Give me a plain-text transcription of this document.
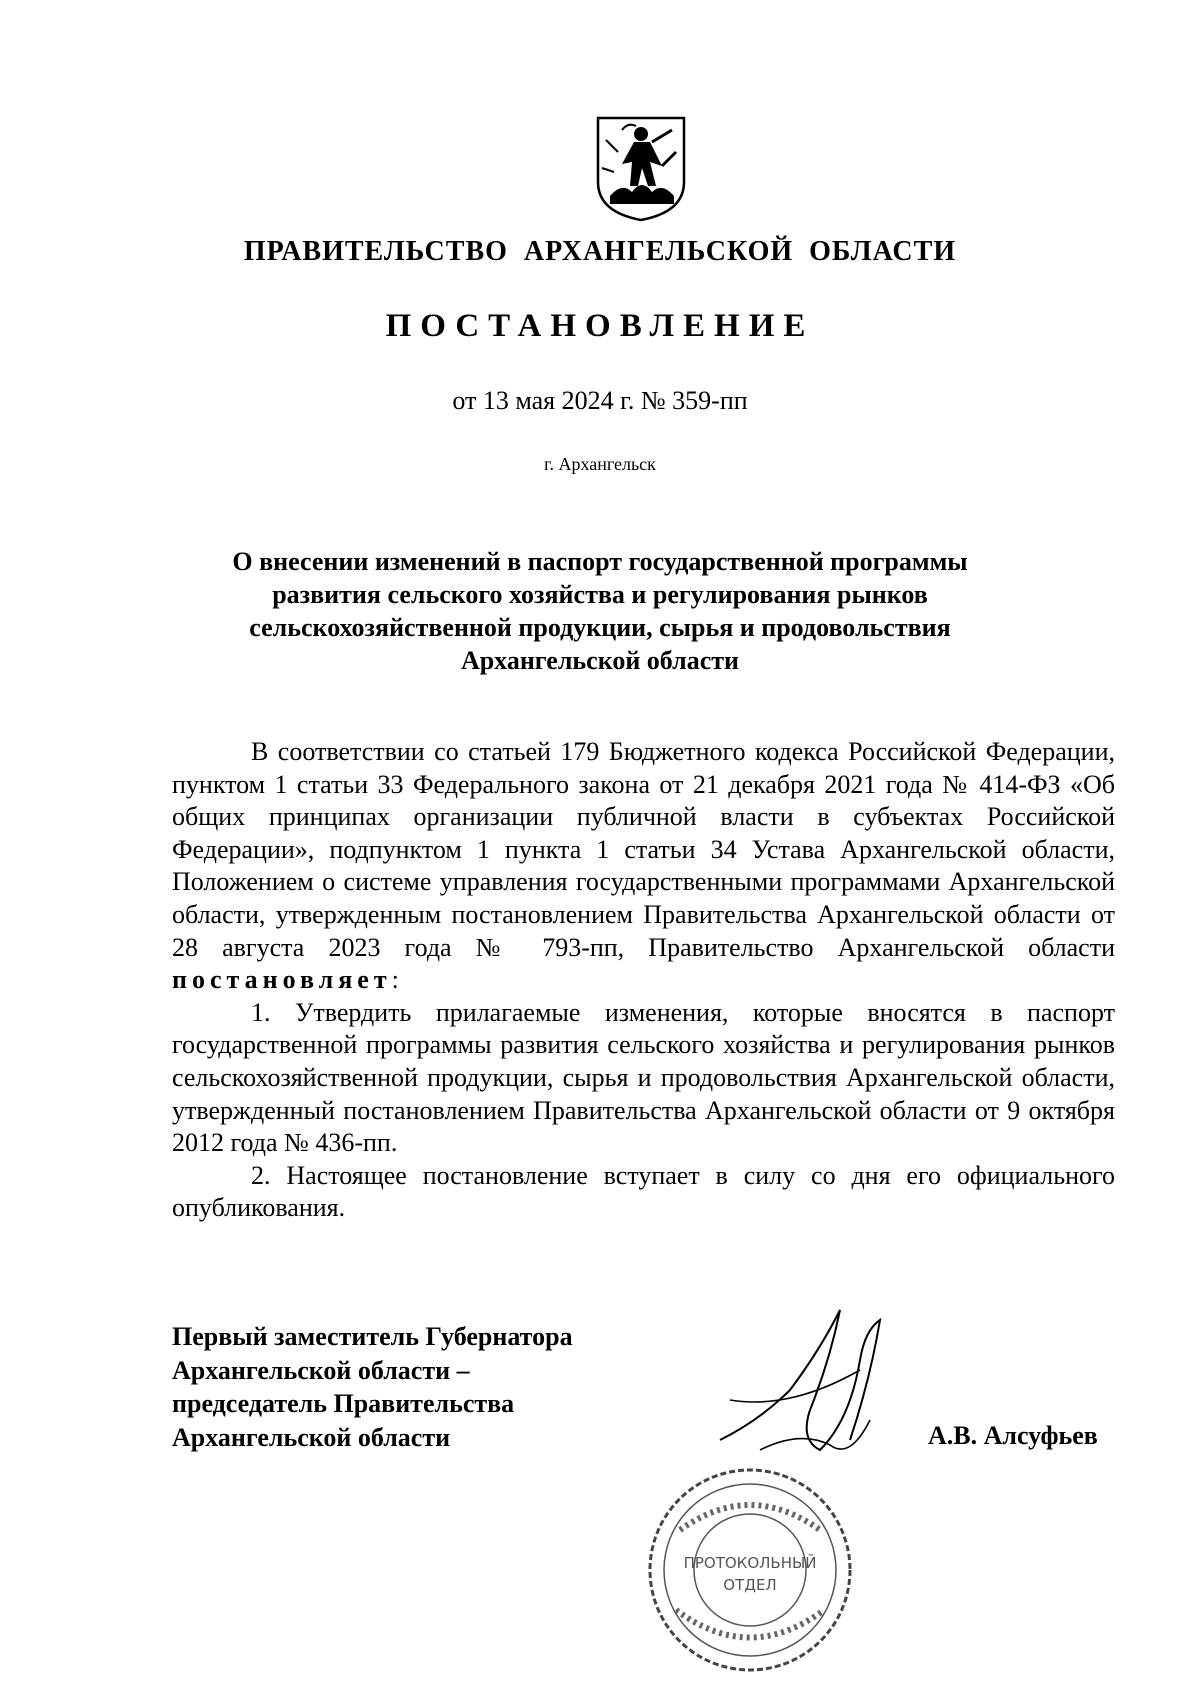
ПРАВИТЕЛЬСТВО АРХАНГЕЛЬСКОЙ ОБЛАСТИ
ПОСТАНОВЛЕНИЕ
от 13 мая 2024 г. № 359-пп
г. Архангельск
О внесении изменений в паспорт государственной программы
развития сельского хозяйства и регулирования рынков
сельскохозяйственной продукции, сырья и продовольствия
Архангельской области

В соответствии со статьей 179 Бюджетного кодекса Российской Федерации, пунктом 1 статьи 33 Федерального закона от 21 декабря 2021 года № 414-ФЗ «Об общих принципах организации публичной власти в субъектах Российской Федерации», подпунктом 1 пункта 1 статьи 34 Устава Архангельской области, Положением о системе управления государственными программами Архангельской области, утвержденным постановлением Правительства Архангельской области от 28 августа 2023 года № 793-пп, Правительство Архангельской области постановляет:

1. Утвердить прилагаемые изменения, которые вносятся в паспорт государственной программы развития сельского хозяйства и регулирования рынков сельскохозяйственной продукции, сырья и продовольствия Архангельской области, утвержденный постановлением Правительства Архангельской области от 9 октября 2012 года № 436-пп.

2. Настоящее постановление вступает в силу со дня его официального опубликования.

Первый заместитель Губернатора
Архангельской области –
председатель Правительства
Архангельской области	А.В. Алсуфьев
ПРОТОКОЛЬНЫЙ
ОТДЕЛ
